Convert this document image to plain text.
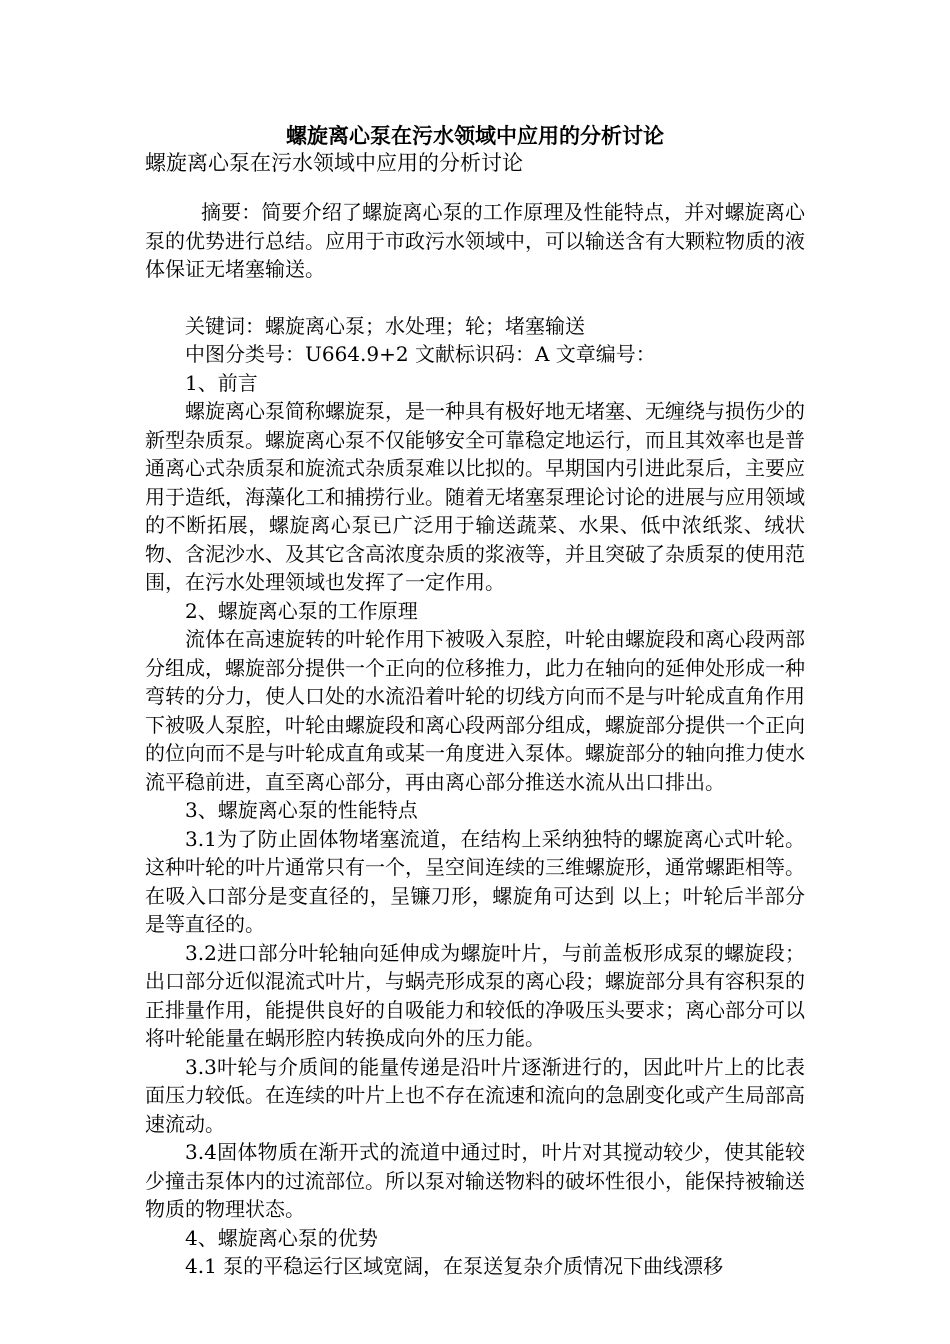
螺旋离心泵在污水领域中应用的分析讨论

螺旋离心泵在污水领域中应用的分析讨论

摘要：简要介绍了螺旋离心泵的工作原理及性能特点，并对螺旋离心泵的优势进行总结。应用于市政污水领域中，可以输送含有大颗粒物质的液体保证无堵塞输送。

关键词：螺旋离心泵；水处理；轮；堵塞输送

中图分类号：U664.9+2 文献标识码：A 文章编号：

1、前言

螺旋离心泵简称螺旋泵，是一种具有极好地无堵塞、无缠绕与损伤少的新型杂质泵。螺旋离心泵不仅能够安全可靠稳定地运行，而且其效率也是普通离心式杂质泵和旋流式杂质泵难以比拟的。早期国内引进此泵后，主要应用于造纸，海藻化工和捕捞行业。随着无堵塞泵理论讨论的进展与应用领域的不断拓展，螺旋离心泵已广泛用于输送蔬菜、水果、低中浓纸浆、绒状物、含泥沙水、及其它含高浓度杂质的浆液等，并且突破了杂质泵的使用范围，在污水处理领域也发挥了一定作用。

2、螺旋离心泵的工作原理

流体在高速旋转的叶轮作用下被吸入泵腔，叶轮由螺旋段和离心段两部分组成，螺旋部分提供一个正向的位移推力，此力在轴向的延伸处形成一种弯转的分力，使人口处的水流沿着叶轮的切线方向而不是与叶轮成直角作用下被吸人泵腔，叶轮由螺旋段和离心段两部分组成，螺旋部分提供一个正向的位向而不是与叶轮成直角或某一角度进入泵体。螺旋部分的轴向推力使水流平稳前进，直至离心部分，再由离心部分推送水流从出口排出。

3、螺旋离心泵的性能特点

3.1为了防止固体物堵塞流道，在结构上采纳独特的螺旋离心式叶轮。这种叶轮的叶片通常只有一个，呈空间连续的三维螺旋形，通常螺距相等。在吸入口部分是变直径的，呈镰刀形，螺旋角可达到 以上；叶轮后半部分是等直径的。

3.2进口部分叶轮轴向延伸成为螺旋叶片，与前盖板形成泵的螺旋段；出口部分近似混流式叶片，与蜗壳形成泵的离心段；螺旋部分具有容积泵的正排量作用，能提供良好的自吸能力和较低的净吸压头要求；离心部分可以将叶轮能量在蜗形腔内转换成向外的压力能。

3.3叶轮与介质间的能量传递是沿叶片逐渐进行的，因此叶片上的比表面压力较低。在连续的叶片上也不存在流速和流向的急剧变化或产生局部高速流动。

3.4固体物质在渐开式的流道中通过时，叶片对其搅动较少，使其能较少撞击泵体内的过流部位。所以泵对输送物料的破坏性很小，能保持被输送物质的物理状态。

4、螺旋离心泵的优势

4.1 泵的平稳运行区域宽阔，在泵送复杂介质情况下曲线漂移
